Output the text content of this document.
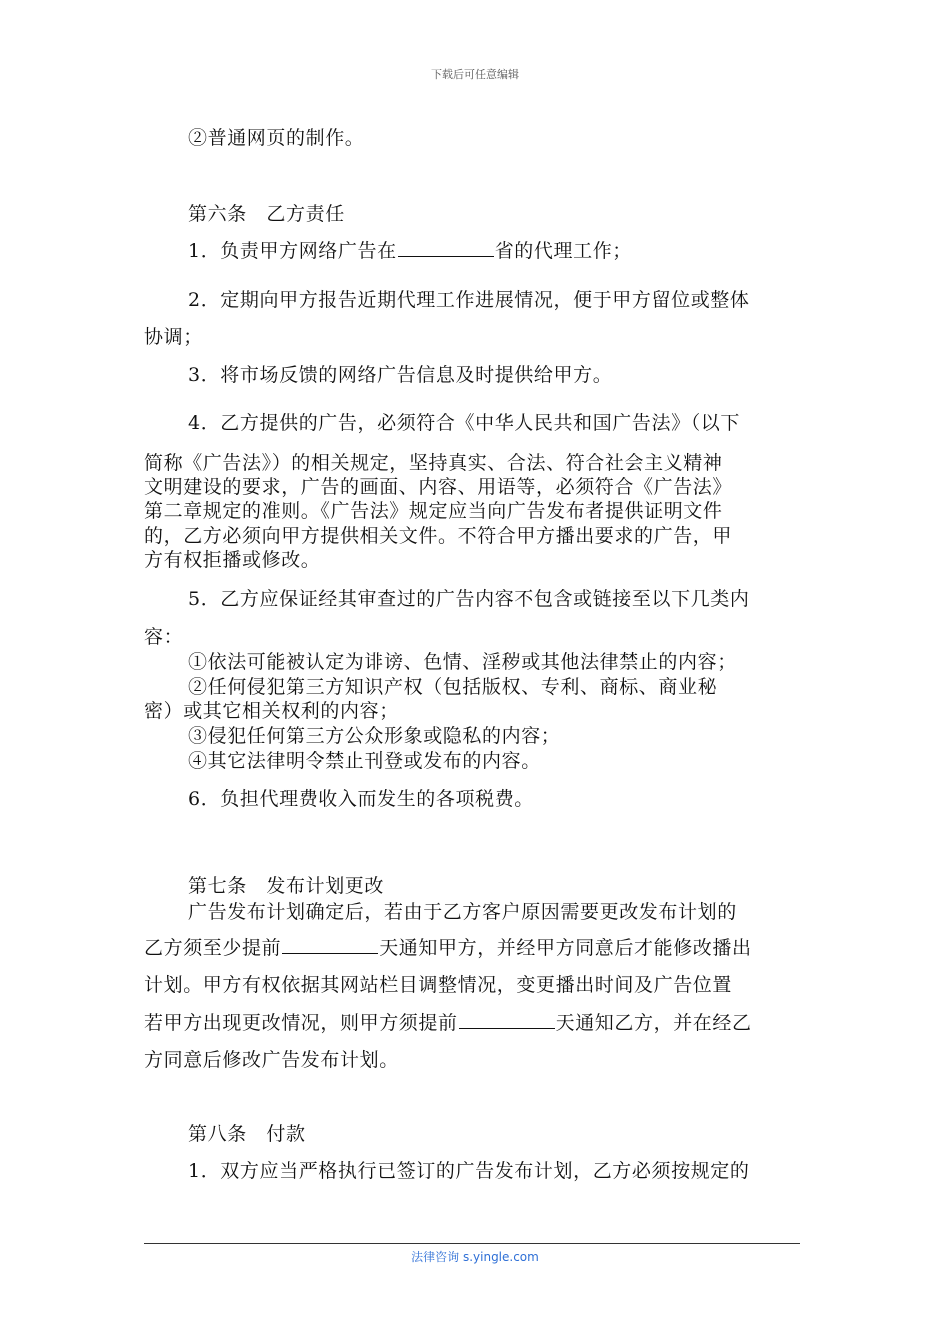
下载后可任意编辑
②普通网页的制作。
第六条　乙方责任
1．负责甲方网络广告在	省的代理工作；
2．定期向甲方报告近期代理工作进展情况，便于甲方留位或整体
协调；
3．将市场反馈的网络广告信息及时提供给甲方。
4．乙方提供的广告，必须符合《中华人民共和国广告法》（以下
简称《广告法》）的相关规定，坚持真实、合法、符合社会主义精神
文明建设的要求，广告的画面、内容、用语等，必须符合《广告法》
第二章规定的准则。《广告法》规定应当向广告发布者提供证明文件
的，乙方必须向甲方提供相关文件。不符合甲方播出要求的广告，甲
方有权拒播或修改。
5．乙方应保证经其审查过的广告内容不包含或链接至以下几类内
容：
①依法可能被认定为诽谤、色情、淫秽或其他法律禁止的内容；
②任何侵犯第三方知识产权（包括版权、专利、商标、商业秘
密）或其它相关权利的内容；
③侵犯任何第三方公众形象或隐私的内容；
④其它法律明令禁止刊登或发布的内容。
6．负担代理费收入而发生的各项税费。
第七条　发布计划更改
广告发布计划确定后，若由于乙方客户原因需要更改发布计划的
乙方须至少提前	天通知甲方，并经甲方同意后才能修改播出
计划。甲方有权依据其网站栏目调整情况，变更播出时间及广告位置
若甲方出现更改情况，则甲方须提前	天通知乙方，并在经乙
方同意后修改广告发布计划。
第八条　付款
1．双方应当严格执行已签订的广告发布计划，乙方必须按规定的
法律咨询 s.yingle.com
